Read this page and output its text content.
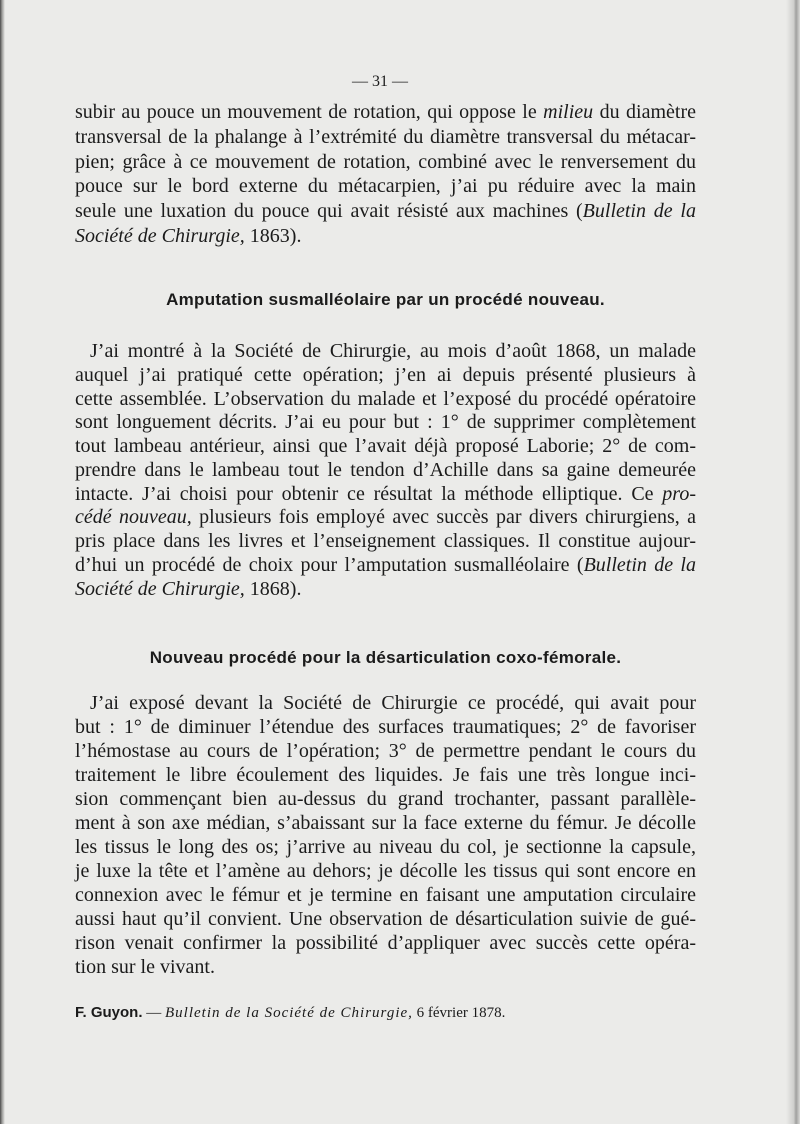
— 31 —
subir au pouce un mouvement de rotation, qui oppose le milieu du diamètre
transversal de la phalange à l’extrémité du diamètre transversal du métacar-
pien; grâce à ce mouvement de rotation, combiné avec le renversement du
pouce sur le bord externe du métacarpien, j’ai pu réduire avec la main
seule une luxation du pouce qui avait résisté aux machines (Bulletin de la
Société de Chirurgie, 1863).
Amputation susmalléolaire par un procédé nouveau.
J’ai montré à la Société de Chirurgie, au mois d’août 1868, un malade
auquel j’ai pratiqué cette opération; j’en ai depuis présenté plusieurs à
cette assemblée. L’observation du malade et l’exposé du procédé opératoire
sont longuement décrits. J’ai eu pour but : 1° de supprimer complètement
tout lambeau antérieur, ainsi que l’avait déjà proposé Laborie; 2° de com-
prendre dans le lambeau tout le tendon d’Achille dans sa gaine demeurée
intacte. J’ai choisi pour obtenir ce résultat la méthode elliptique. Ce pro-
cédé nouveau, plusieurs fois employé avec succès par divers chirurgiens, a
pris place dans les livres et l’enseignement classiques. Il constitue aujour-
d’hui un procédé de choix pour l’amputation susmalléolaire (Bulletin de la
Société de Chirurgie, 1868).
Nouveau procédé pour la désarticulation coxo-fémorale.
J’ai exposé devant la Société de Chirurgie ce procédé, qui avait pour
but : 1° de diminuer l’étendue des surfaces traumatiques; 2° de favoriser
l’hémostase au cours de l’opération; 3° de permettre pendant le cours du
traitement le libre écoulement des liquides. Je fais une très longue inci-
sion commençant bien au-dessus du grand trochanter, passant parallèle-
ment à son axe médian, s’abaissant sur la face externe du fémur. Je décolle
les tissus le long des os; j’arrive au niveau du col, je sectionne la capsule,
je luxe la tête et l’amène au dehors; je décolle les tissus qui sont encore en
connexion avec le fémur et je termine en faisant une amputation circulaire
aussi haut qu’il convient. Une observation de désarticulation suivie de gué-
rison venait confirmer la possibilité d’appliquer avec succès cette opéra-
tion sur le vivant.
F. Guyon. — Bulletin de la Société de Chirurgie, 6 février 1878.
